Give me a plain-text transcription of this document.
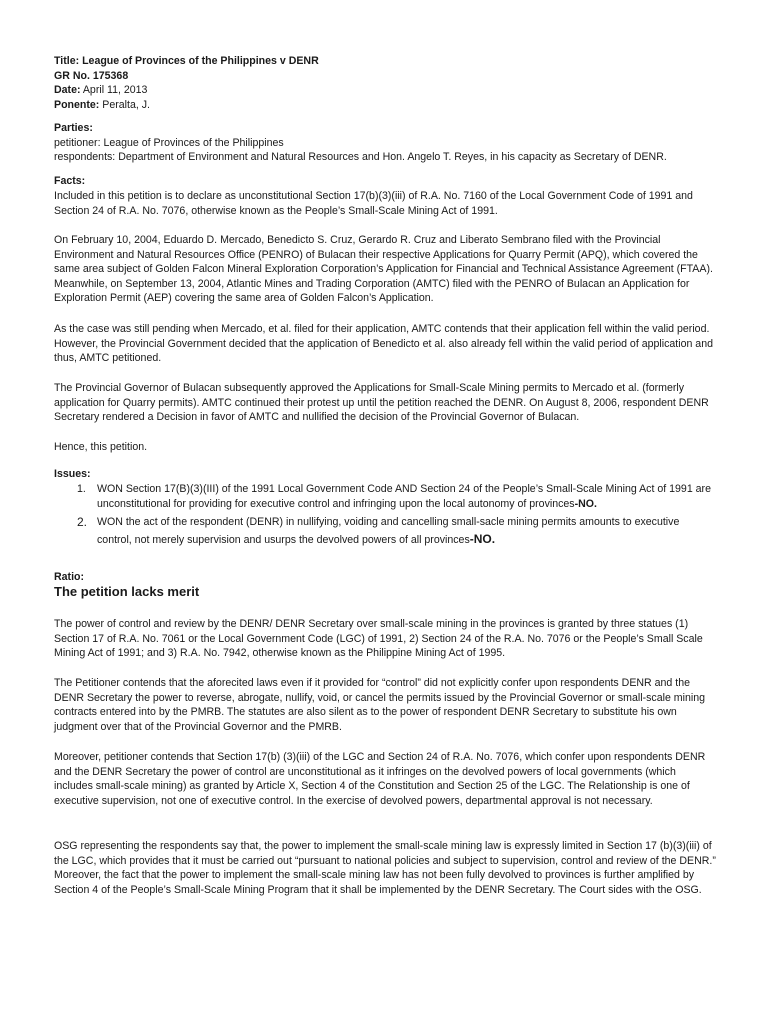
Title: League of Provinces of the Philippines v DENR
GR No. 175368
Date: April 11, 2013
Ponente: Peralta, J.
Parties:
petitioner: League of Provinces of the Philippines
respondents: Department of Environment and Natural Resources and Hon. Angelo T. Reyes, in his capacity as Secretary of DENR.
Facts:

Included in this petition is to declare as unconstitutional Section 17(b)(3)(iii) of R.A. No. 7160 of the Local Government Code of 1991 and Section 24 of R.A. No. 7076, otherwise known as the People’s Small-Scale Mining Act of 1991.

On February 10, 2004, Eduardo D. Mercado, Benedicto S. Cruz, Gerardo R. Cruz and Liberato Sembrano filed with the Provincial Environment and Natural Resources Office (PENRO) of Bulacan their respective Applications for Quarry Permit (APQ), which covered the same area subject of Golden Falcon Mineral Exploration Corporation’s Application for Financial and Technical Assistance Agreement (FTAA). Meanwhile, on September 13, 2004, Atlantic Mines and Trading Corporation (AMTC) filed with the PENRO of Bulacan an Application for Exploration Permit (AEP) covering the same area of Golden Falcon’s Application.

As the case was still pending when Mercado, et al. filed for their application, AMTC contends that their application fell within the valid period. However, the Provincial Government decided that the application of Benedicto et al. also already fell within the valid period of application and thus, AMTC petitioned.

The Provincial Governor of Bulacan subsequently approved the Applications for Small-Scale Mining permits to Mercado et al. (formerly application for Quarry permits). AMTC continued their protest up until the petition reached the DENR. On August 8, 2006, respondent DENR Secretary rendered a Decision in favor of AMTC and nullified the decision of the Provincial Governor of Bulacan.

Hence, this petition.

Issues:
1. WON Section 17(B)(3)(III) of the 1991 Local Government Code AND Section 24 of the People’s Small-Scale Mining Act of 1991 are unconstitutional for providing for executive control and infringing upon the local autonomy of provinces-NO.
2. WON the act of the respondent (DENR) in nullifying, voiding and cancelling small-sacle mining permits amounts to executive control, not merely supervision and usurps the devolved powers of all provinces-NO.
Ratio:
The petition lacks merit

The power of control and review by the DENR/ DENR Secretary over small-scale mining in the provinces is granted by three statues (1) Section 17 of R.A. No. 7061 or the Local Government Code (LGC) of 1991, 2) Section 24 of the R.A. No. 7076 or the People’s Small Scale Mining Act of 1991; and 3) R.A. No. 7942, otherwise known as the Philippine Mining Act of 1995.

The Petitioner contends that the aforecited laws even if it provided for “control” did not explicitly confer upon respondents DENR and the DENR Secretary the power to reverse, abrogate, nullify, void, or cancel the permits issued by the Provincial Governor or small-scale mining contracts entered into by the PMRB. The statutes are also silent as to the power of respondent DENR Secretary to substitute his own judgment over that of the Provincial Governor and the PMRB.

Moreover, petitioner contends that Section 17(b) (3)(iii) of the LGC and Section 24 of R.A. No. 7076, which confer upon respondents DENR and the DENR Secretary the power of control are unconstitutional as it infringes on the devolved powers of local governments (which includes small-scale mining) as granted by Article X, Section 4 of the Constitution and Section 25 of the LGC. The Relationship is one of executive supervision, not one of executive control. In the exercise of devolved powers, departmental approval is not necessary.

OSG representing the respondents say that, the power to implement the small-scale mining law is expressly limited in Section 17 (b)(3)(iii) of the LGC, which provides that it must be carried out “pursuant to national policies and subject to supervision, control and review of the DENR.” Moreover, the fact that the power to implement the small-scale mining law has not been fully devolved to provinces is further amplified by Section 4 of the People’s Small-Scale Mining Program that it shall be implemented by the DENR Secretary. The Court sides with the OSG.
